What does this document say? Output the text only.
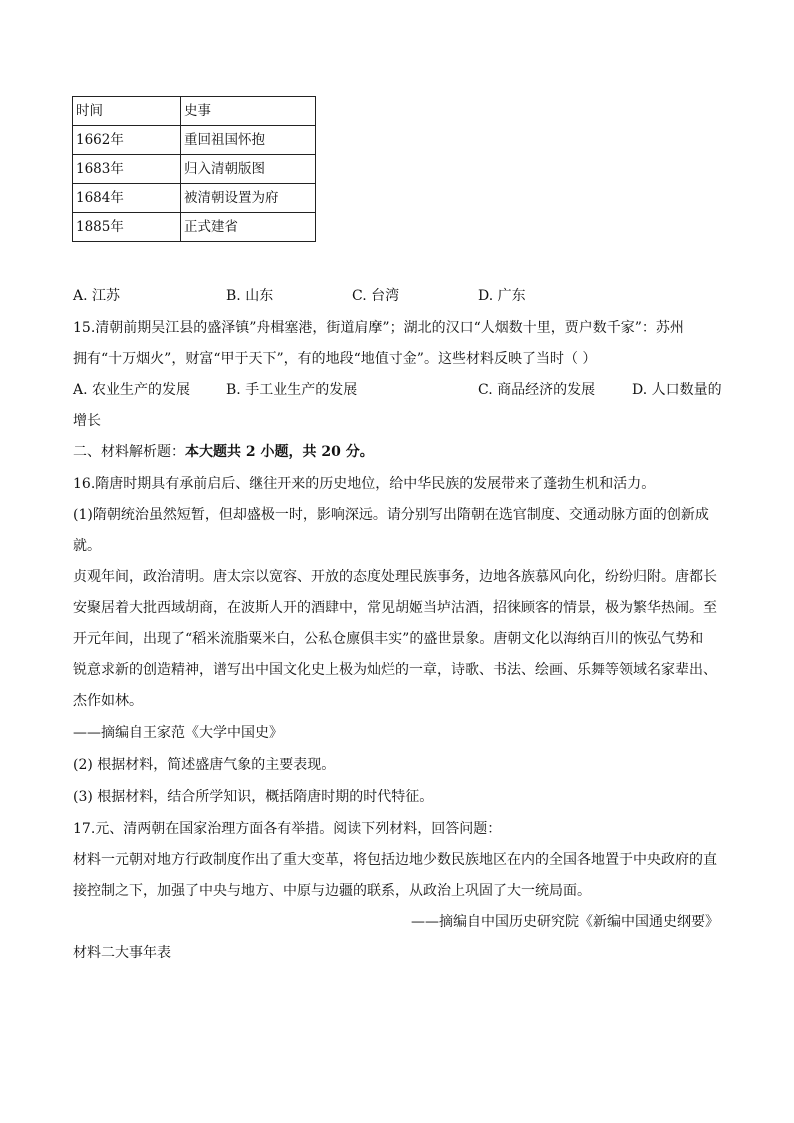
时间	史事
1662年	重回祖国怀抱
1683年	归入清朝版图
1684年	被清朝设置为府
1885年	正式建省
A. 江苏	B. 山东	C. 台湾	D. 广东
15.清朝前期吴江县的盛泽镇”舟楫塞港，街道肩摩”；湖北的汉口“人烟数十里，贾户数千家”：苏州
拥有“十万烟火”，财富“甲于天下”，有的地段“地值寸金”。这些材料反映了当时（ ）
A. 农业生产的发展	B. 手工业生产的发展	C. 商品经济的发展	D. 人口数量的
增长
二、材料解析题：本大题共 2 小题，共 20 分。
16.隋唐时期具有承前启后、继往开来的历史地位，给中华民族的发展带来了蓬勃生机和活力。
(1)隋朝统治虽然短暂，但却盛极一时，影响深远。请分别写出隋朝在选官制度、交通动脉方面的创新成
就。
贞观年间，政治清明。唐太宗以宽容、开放的态度处理民族事务，边地各族慕风向化，纷纷归附。唐都长
安聚居着大批西域胡商，在波斯人开的酒肆中，常见胡姬当垆沽酒，招徕顾客的情景，极为繁华热闹。至
开元年间，出现了“稻米流脂粟米白，公私仓廪俱丰实”的盛世景象。唐朝文化以海纳百川的恢弘气势和
锐意求新的创造精神，谱写出中国文化史上极为灿烂的一章，诗歌、书法、绘画、乐舞等领域名家辈出、
杰作如林。
——摘编自王家范《大学中国史》
(2) 根据材料，简述盛唐气象的主要表现。
(3) 根据材料，结合所学知识，概括隋唐时期的时代特征。
17.元、清两朝在国家治理方面各有举措。阅读下列材料，回答问题：
材料一元朝对地方行政制度作出了重大变革，将包括边地少数民族地区在内的全国各地置于中央政府的直
接控制之下，加强了中央与地方、中原与边疆的联系，从政治上巩固了大一统局面。
——摘编自中国历史研究院《新编中国通史纲要》
材料二大事年表
